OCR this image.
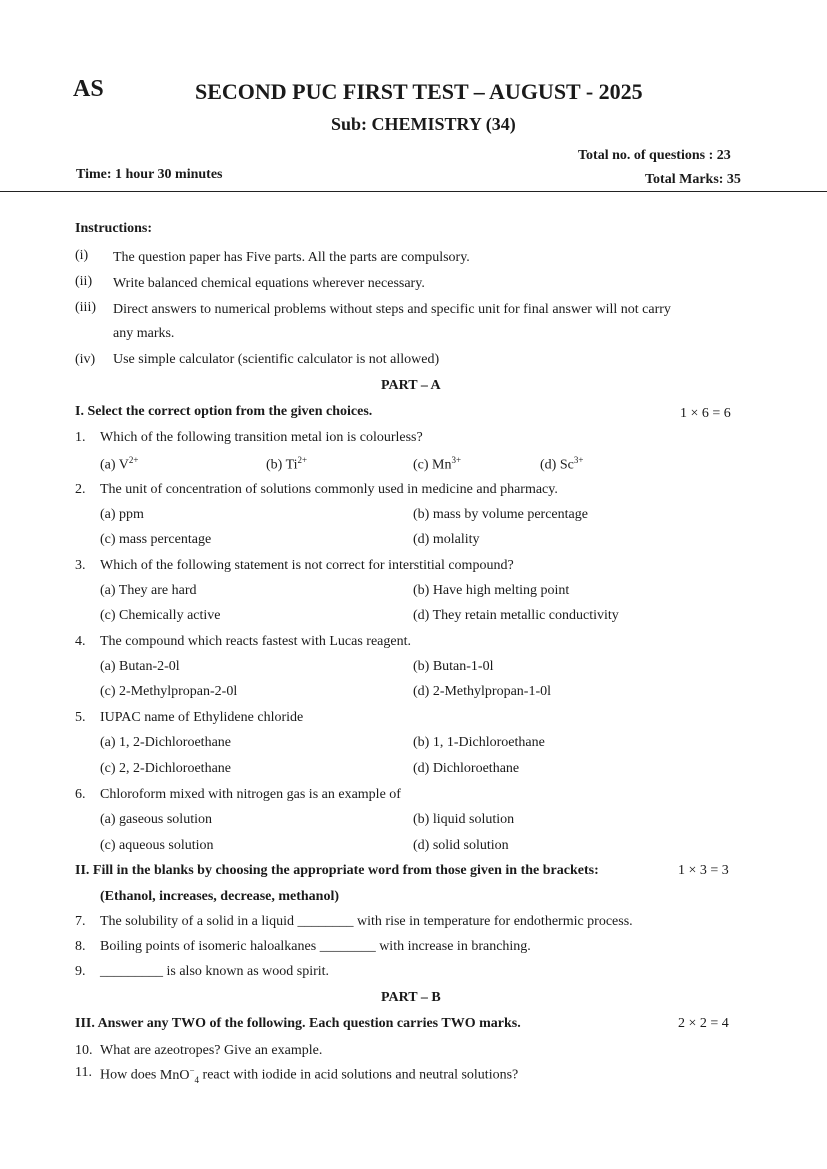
AS	SECOND PUC FIRST TEST – AUGUST - 2025
Sub: CHEMISTRY (34)
Total no. of questions : 23
Time: 1 hour 30 minutes	Total Marks: 35
Instructions:
(i) The question paper has Five parts. All the parts are compulsory.
(ii) Write balanced chemical equations wherever necessary.
(iii) Direct answers to numerical problems without steps and specific unit for final answer will not carry
any marks.
(iv) Use simple calculator (scientific calculator is not allowed)
PART – A
I. Select the correct option from the given choices.	1 × 6 = 6
1. Which of the following transition metal ion is colourless?
(a) $V^{2+}$	(b) $Ti^{2+}$	(c) $Mn^{3+}$	(d) $Sc^{3+}$
2. The unit of concentration of solutions commonly used in medicine and pharmacy.
(a) ppm	(b) mass by volume percentage
(c) mass percentage	(d) molality
3. Which of the following statement is not correct for interstitial compound?
(a) They are hard	(b) Have high melting point
(c) Chemically active	(d) They retain metallic conductivity
4. The compound which reacts fastest with Lucas reagent.
(a) Butan-2-0l	(b) Butan-1-0l
(c) 2-Methylpropan-2-0l	(d) 2-Methylpropan-1-0l
5. IUPAC name of Ethylidene chloride
(a) 1, 2-Dichloroethane	(b) 1, 1-Dichloroethane
(c) 2, 2-Dichloroethane	(d) Dichloroethane
6. Chloroform mixed with nitrogen gas is an example of
(a) gaseous solution	(b) liquid solution
(c) aqueous solution	(d) solid solution
II. Fill in the blanks by choosing the appropriate word from those given in the brackets:	1 × 3 = 3
(Ethanol, increases, decrease, methanol)
7. The solubility of a solid in a liquid ________ with rise in temperature for endothermic process.
8. Boiling points of isomeric haloalkanes ________ with increase in branching.
9. _________ is also known as wood spirit.
PART – B
III. Answer any TWO of the following. Each question carries TWO marks.	2 × 2 = 4
10. What are azeotropes? Give an example.
11. How does MnO−$_4$ react with iodide in acid solutions and neutral solutions?
